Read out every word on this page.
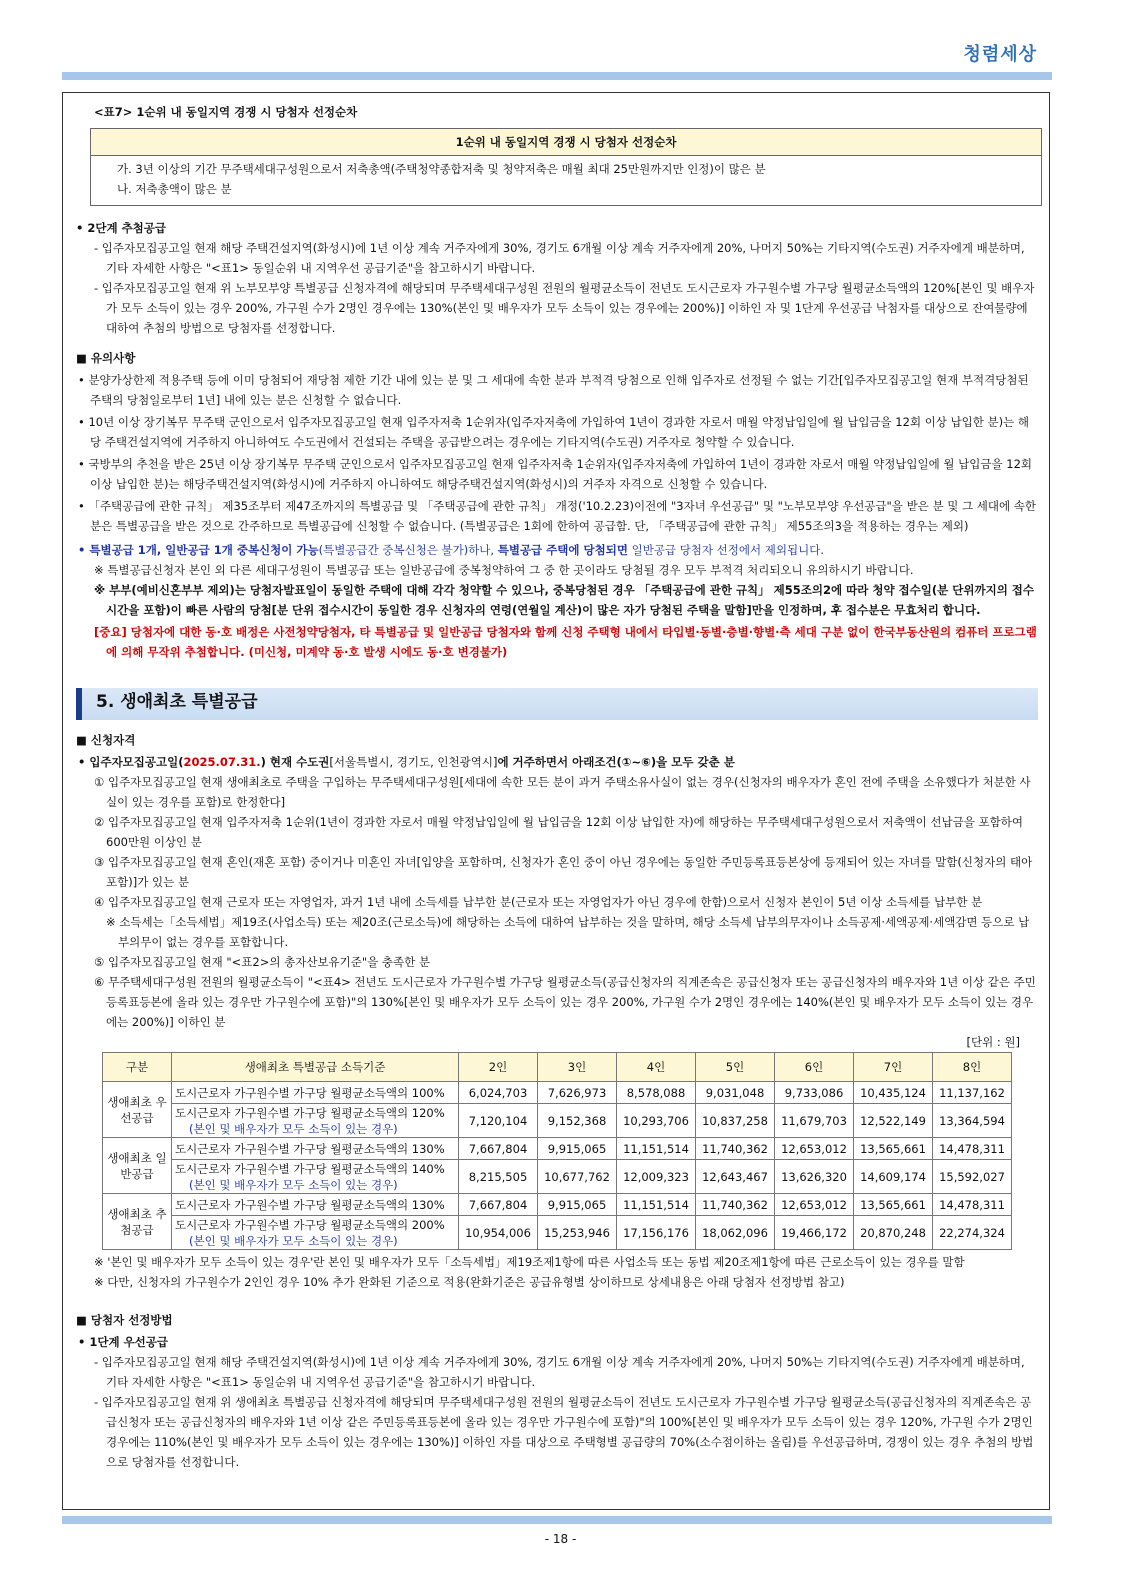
청렴세상

<표7> 1순위 내 동일지역 경쟁 시 당첨자 선정순차

1순위 내 동일지역 경쟁 시 당첨자 선정순차

가. 3년 이상의 기간 무주택세대구성원으로서 저축총액(주택청약종합저축 및 청약저축은 매월 최대 25만원까지만 인정)이 많은 분

나. 저축총액이 많은 분

• 2단계 추첨공급

- 입주자모집공고일 현재 해당 주택건설지역(화성시)에 1년 이상 계속 거주자에게 30%, 경기도 6개월 이상 계속 거주자에게 20%, 나머지 50%는 기타지역(수도권) 거주자에게 배분하며, 기타 자세한 사항은 "<표1> 동일순위 내 지역우선 공급기준"을 참고하시기 바랍니다.

- 입주자모집공고일 현재 위 노부모부양 특별공급 신청자격에 해당되며 무주택세대구성원 전원의 월평균소득이 전년도 도시근로자 가구원수별 가구당 월평균소득액의 120%[본인 및 배우자가 모두 소득이 있는 경우 200%, 가구원 수가 2명인 경우에는 130%(본인 및 배우자가 모두 소득이 있는 경우에는 200%)] 이하인 자 및 1단계 우선공급 낙첨자를 대상으로 잔여물량에 대하여 추첨의 방법으로 당첨자를 선정합니다.

■ 유의사항

• 분양가상한제 적용주택 등에 이미 당첨되어 재당첨 제한 기간 내에 있는 분 및 그 세대에 속한 분과 부적격 당첨으로 인해 입주자로 선정될 수 없는 기간[입주자모집공고일 현재 부적격당첨된 주택의 당첨일로부터 1년] 내에 있는 분은 신청할 수 없습니다.

• 10년 이상 장기복무 무주택 군인으로서 입주자모집공고일 현재 입주자저축 1순위자(입주자저축에 가입하여 1년이 경과한 자로서 매월 약정납입일에 월 납입금을 12회 이상 납입한 분)는 해당 주택건설지역에 거주하지 아니하여도 수도권에서 건설되는 주택을 공급받으려는 경우에는 기타지역(수도권) 거주자로 청약할 수 있습니다.

• 국방부의 추천을 받은 25년 이상 장기복무 무주택 군인으로서 입주자모집공고일 현재 입주자저축 1순위자(입주자저축에 가입하여 1년이 경과한 자로서 매월 약정납입일에 월 납입금을 12회 이상 납입한 분)는 해당주택건설지역(화성시)에 거주하지 아니하여도 해당주택건설지역(화성시)의 거주자 자격으로 신청할 수 있습니다.

• 「주택공급에 관한 규칙」 제35조부터 제47조까지의 특별공급 및 「주택공급에 관한 규칙」 개정('10.2.23)이전에 "3자녀 우선공급" 및 "노부모부양 우선공급"을 받은 분 및 그 세대에 속한 분은 특별공급을 받은 것으로 간주하므로 특별공급에 신청할 수 없습니다. (특별공급은 1회에 한하여 공급함. 단, 「주택공급에 관한 규칙」 제55조의3을 적용하는 경우는 제외)

• 특별공급 1개, 일반공급 1개 중복신청이 가능(특별공급간 중복신청은 불가)하나, 특별공급 주택에 당첨되면 일반공급 당첨자 선정에서 제외됩니다.

※ 특별공급신청자 본인 외 다른 세대구성원이 특별공급 또는 일반공급에 중복청약하여 그 중 한 곳이라도 당첨될 경우 모두 부적격 처리되오니 유의하시기 바랍니다.

※ 부부(예비신혼부부 제외)는 당첨자발표일이 동일한 주택에 대해 각각 청약할 수 있으나, 중복당첨된 경우 「주택공급에 관한 규칙」 제55조의2에 따라 청약 접수일(분 단위까지의 접수시간을 포함)이 빠른 사람의 당첨[분 단위 접수시간이 동일한 경우 신청자의 연령(연월일 계산)이 많은 자가 당첨된 주택을 말함]만을 인정하며, 후 접수분은 무효처리 합니다.

[중요] 당첨자에 대한 동·호 배정은 사전청약당첨자, 타 특별공급 및 일반공급 당첨자와 함께 신청 주택형 내에서 타입별·동별·층별·향별·측 세대 구분 없이 한국부동산원의 컴퓨터 프로그램에 의해 무작위 추첨합니다. (미신청, 미계약 동·호 발생 시에도 동·호 변경불가)

5. 생애최초 특별공급

■ 신청자격

• 입주자모집공고일(2025.07.31.) 현재 수도권[서울특별시, 경기도, 인천광역시]에 거주하면서 아래조건(①~⑥)을 모두 갖춘 분

① 입주자모집공고일 현재 생애최초로 주택을 구입하는 무주택세대구성원[세대에 속한 모든 분이 과거 주택소유사실이 없는 경우(신청자의 배우자가 혼인 전에 주택을 소유했다가 처분한 사실이 있는 경우를 포함)로 한정한다]

② 입주자모집공고일 현재 입주자저축 1순위(1년이 경과한 자로서 매월 약정납입일에 월 납입금을 12회 이상 납입한 자)에 해당하는 무주택세대구성원으로서 저축액이 선납금을 포함하여 600만원 이상인 분

③ 입주자모집공고일 현재 혼인(재혼 포함) 중이거나 미혼인 자녀[입양을 포함하며, 신청자가 혼인 중이 아닌 경우에는 동일한 주민등록표등본상에 등재되어 있는 자녀를 말함(신청자의 태아포함)]가 있는 분

④ 입주자모집공고일 현재 근로자 또는 자영업자, 과거 1년 내에 소득세를 납부한 분(근로자 또는 자영업자가 아닌 경우에 한함)으로서 신청자 본인이 5년 이상 소득세를 납부한 분

※ 소득세는「소득세법」제19조(사업소득) 또는 제20조(근로소득)에 해당하는 소득에 대하여 납부하는 것을 말하며, 해당 소득세 납부의무자이나 소득공제·세액공제·세액감면 등으로 납부의무이 없는 경우를 포함합니다.

⑤ 입주자모집공고일 현재 "<표2>의 총자산보유기준"을 충족한 분

⑥ 무주택세대구성원 전원의 월평균소득이 "<표4> 전년도 도시근로자 가구원수별 가구당 월평균소득(공급신청자의 직계존속은 공급신청자 또는 공급신청자의 배우자와 1년 이상 같은 주민등록표등본에 올라 있는 경우만 가구원수에 포함)"의 130%[본인 및 배우자가 모두 소득이 있는 경우 200%, 가구원 수가 2명인 경우에는 140%(본인 및 배우자가 모두 소득이 있는 경우에는 200%)] 이하인 분

[단위 : 원]

구분	생애최초 특별공급 소득기준	2인	3인	4인	5인	6인	7인	8인
생애최초 우선공급	도시근로자 가구원수별 가구당 월평균소득액의 100%	6,024,703	7,626,973	8,578,088	9,031,048	9,733,086	10,435,124	11,137,162

	도시근로자 가구원수별 가구당 월평균소득액의 120%
(본인 및 배우자가 모두 소득이 있는 경우)	7,120,104	9,152,368	10,293,706	10,837,258	11,679,703	12,522,149	13,364,594
생애최초 일반공급	도시근로자 가구원수별 가구당 월평균소득액의 130%	7,667,804	9,915,065	11,151,514	11,740,362	12,653,012	13,565,661	14,478,311

	도시근로자 가구원수별 가구당 월평균소득액의 140%
(본인 및 배우자가 모두 소득이 있는 경우)	8,215,505	10,677,762	12,009,323	12,643,467	13,626,320	14,609,174	15,592,027
생애최초 추첨공급	도시근로자 가구원수별 가구당 월평균소득액의 130%	7,667,804	9,915,065	11,151,514	11,740,362	12,653,012	13,565,661	14,478,311

	도시근로자 가구원수별 가구당 월평균소득액의 200%
(본인 및 배우자가 모두 소득이 있는 경우)	10,954,006	15,253,946	17,156,176	18,062,096	19,466,172	20,870,248	22,274,324

※ '본인 및 배우자가 모두 소득이 있는 경우'란 본인 및 배우자가 모두「소득세법」제19조제1항에 따른 사업소득 또는 동법 제20조제1항에 따른 근로소득이 있는 경우를 말함

※ 다만, 신청자의 가구원수가 2인인 경우 10% 추가 완화된 기준으로 적용(완화기준은 공급유형별 상이하므로 상세내용은 아래 당첨자 선정방법 참고)

■ 당첨자 선정방법

• 1단계 우선공급

- 입주자모집공고일 현재 해당 주택건설지역(화성시)에 1년 이상 계속 거주자에게 30%, 경기도 6개월 이상 계속 거주자에게 20%, 나머지 50%는 기타지역(수도권) 거주자에게 배분하며, 기타 자세한 사항은 "<표1> 동일순위 내 지역우선 공급기준"을 참고하시기 바랍니다.

- 입주자모집공고일 현재 위 생애최초 특별공급 신청자격에 해당되며 무주택세대구성원 전원의 월평균소득이 전년도 도시근로자 가구원수별 가구당 월평균소득(공급신청자의 직계존속은 공급신청자 또는 공급신청자의 배우자와 1년 이상 같은 주민등록표등본에 올라 있는 경우만 가구원수에 포함)"의 100%[본인 및 배우자가 모두 소득이 있는 경우 120%, 가구원 수가 2명인 경우에는 110%(본인 및 배우자가 모두 소득이 있는 경우에는 130%)] 이하인 자를 대상으로 주택형별 공급량의 70%(소수점이하는 올림)를 우선공급하며, 경쟁이 있는 경우 추첨의 방법으로 당첨자를 선정합니다.

- 18 -
